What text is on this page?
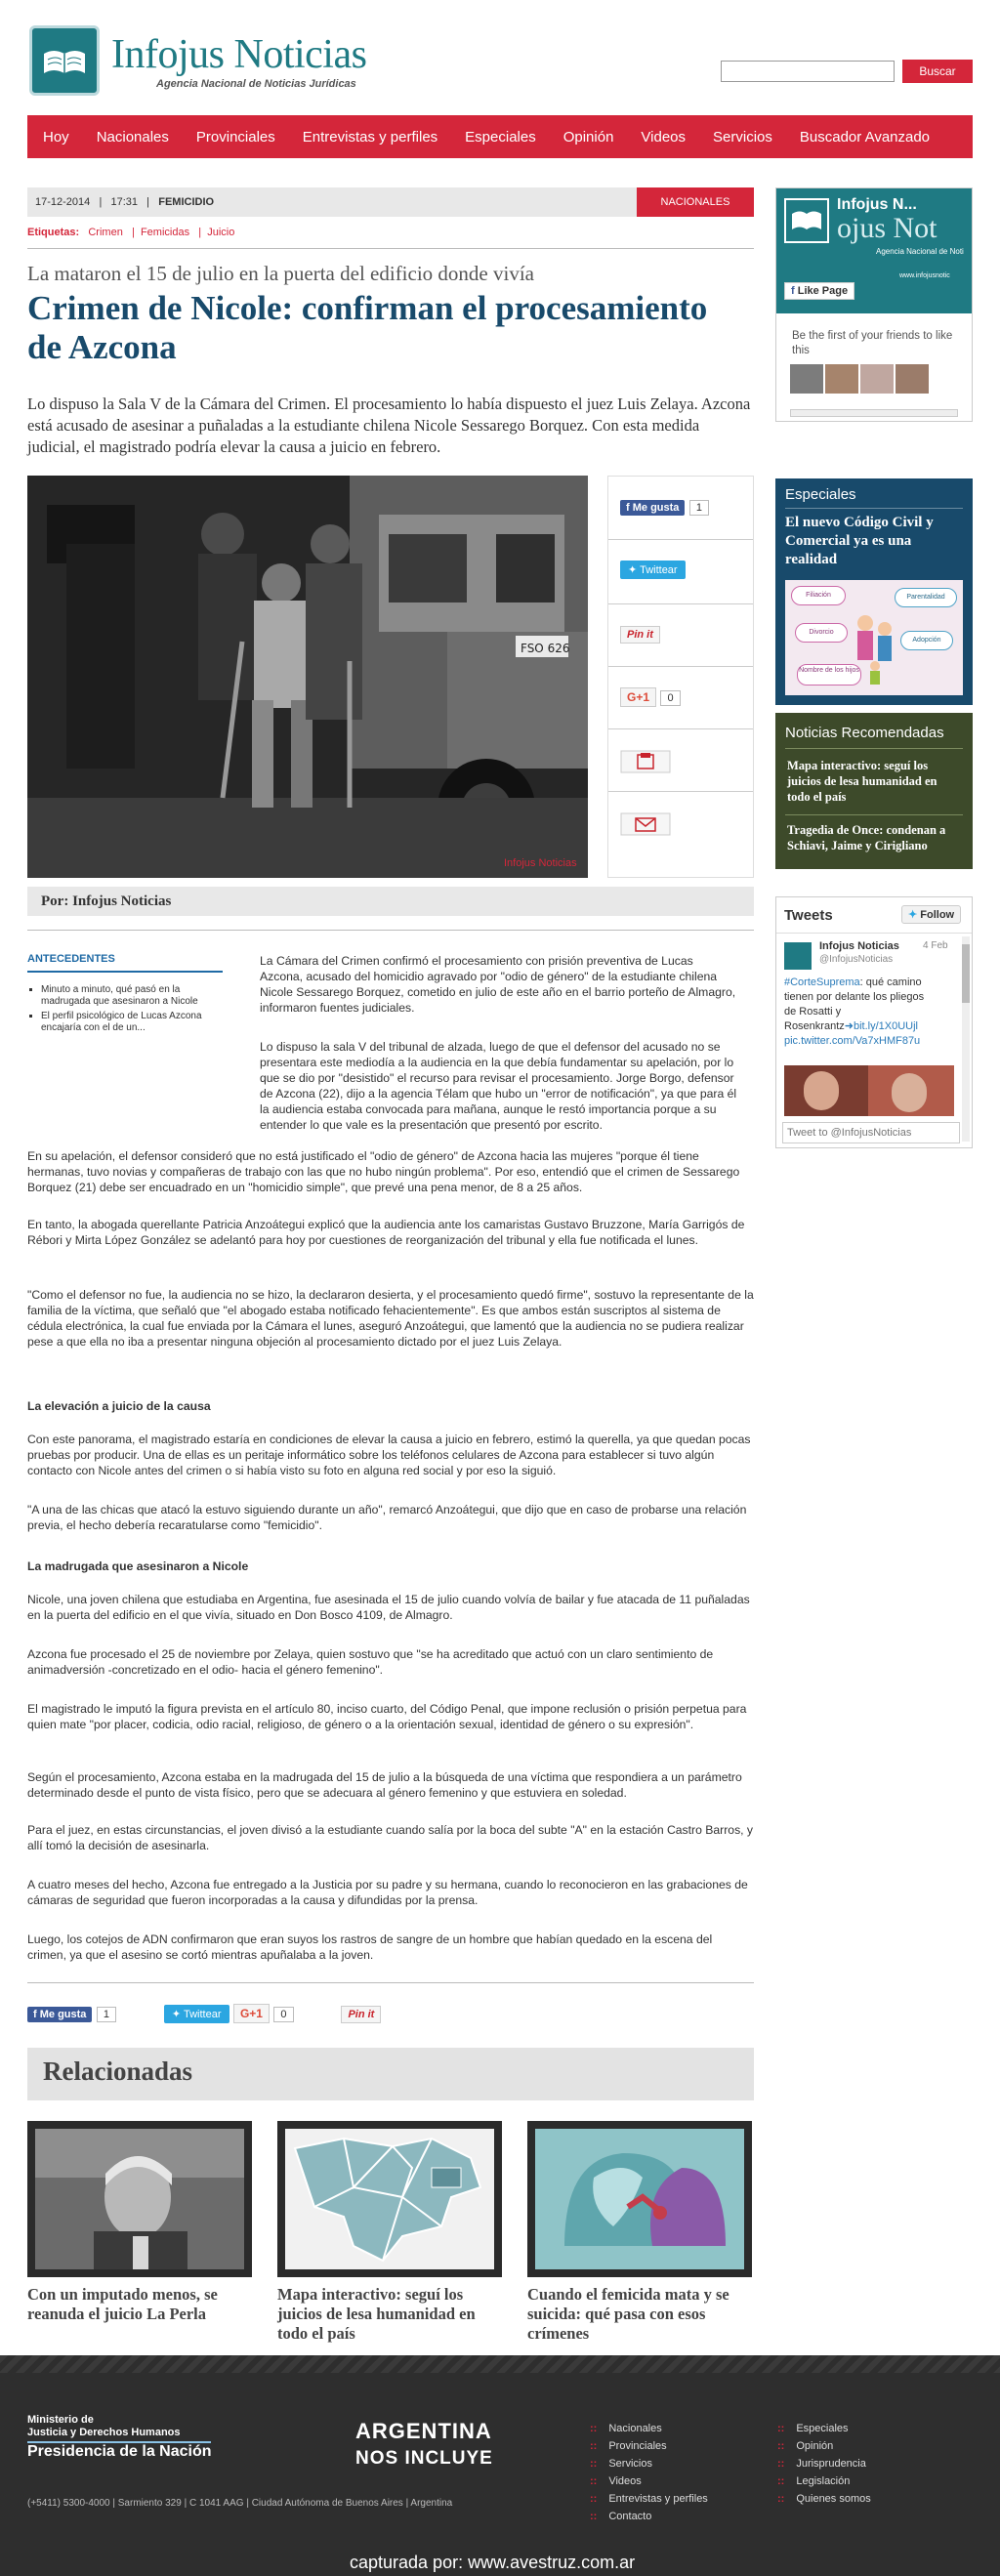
Infojus Noticias
Agencia Nacional de Noticias Jurídicas
Buscar
Hoy Nacionales Provinciales Entrevistas y perfiles Especiales Opinión Videos Servicios Buscador Avanzado
17-12-2014   |   17:31   |   FEMICIDIO	NACIONALES
Etiquetas: Crimen   |  Femicidas   |  Juicio
La mataron el 15 de julio en la puerta del edificio donde vivía
Crimen de Nicole: confirman el procesamiento de Azcona

Lo dispuso la Sala V de la Cámara del Crimen. El procesamiento lo había dispuesto el juez Luis Zelaya. Azcona está acusado de asesinar a puñaladas a la estudiante chilena Nicole Sessarego Borquez. Con esta medida judicial, el magistrado podría elevar la causa a juicio en febrero.

FSO 626
Infojus Noticias
f Me gusta 1
✦ Twittear
Pin it
G+1 0
Por: Infojus Noticias
ANTECEDENTES
▪ Minuto a minuto, qué pasó en la madrugada que asesinaron a Nicole
▪ El perfil psicológico de Lucas Azcona encajaría con el de un...

La Cámara del Crimen confirmó el procesamiento con prisión preventiva de Lucas Azcona, acusado del homicidio agravado por "odio de género" de la estudiante chilena Nicole Sessarego Borquez, cometido en julio de este año en el barrio porteño de Almagro, informaron fuentes judiciales.

Lo dispuso la sala V del tribunal de alzada, luego de que el defensor del acusado no se presentara este mediodía a la audiencia en la que debía fundamentar su apelación, por lo que se dio por "desistido" el recurso para revisar el procesamiento. Jorge Borgo, defensor de Azcona (22), dijo a la agencia Télam que hubo un "error de notificación", ya que para él la audiencia estaba convocada para mañana, aunque le restó importancia porque a su entender lo que vale es la presentación que presentó por escrito.

En su apelación, el defensor consideró que no está justificado el "odio de género" de Azcona hacia las mujeres "porque él tiene hermanas, tuvo novias y compañeras de trabajo con las que no hubo ningún problema". Por eso, entendió que el crimen de Sessarego Borquez (21) debe ser encuadrado en un "homicidio simple", que prevé una pena menor, de 8 a 25 años.

En tanto, la abogada querellante Patricia Anzoátegui explicó que la audiencia ante los camaristas Gustavo Bruzzone, María Garrigós de Rébori y Mirta López González se adelantó para hoy por cuestiones de reorganización del tribunal y ella fue notificada el lunes.

"Como el defensor no fue, la audiencia no se hizo, la declararon desierta, y el procesamiento quedó firme", sostuvo la representante de la familia de la víctima, que señaló que "el abogado estaba notificado fehacientemente". Es que ambos están suscriptos al sistema de cédula electrónica, la cual fue enviada por la Cámara el lunes, aseguró Anzoátegui, que lamentó que la audiencia no se pudiera realizar pese a que ella no iba a presentar ninguna objeción al procesamiento dictado por el juez Luis Zelaya.

La elevación a juicio de la causa

Con este panorama, el magistrado estaría en condiciones de elevar la causa a juicio en febrero, estimó la querella, ya que quedan pocas pruebas por producir. Una de ellas es un peritaje informático sobre los teléfonos celulares de Azcona para establecer si tuvo algún contacto con Nicole antes del crimen o si había visto su foto en alguna red social y por eso la siguió.

"A una de las chicas que atacó la estuvo siguiendo durante un año", remarcó Anzoátegui, que dijo que en caso de probarse una relación previa, el hecho debería recaratularse como "femicidio".

La madrugada que asesinaron a Nicole

Nicole, una joven chilena que estudiaba en Argentina, fue asesinada el 15 de julio cuando volvía de bailar y fue atacada de 11 puñaladas en la puerta del edificio en el que vivía, situado en Don Bosco 4109, de Almagro.

Azcona fue procesado el 25 de noviembre por Zelaya, quien sostuvo que "se ha acreditado que actuó con un claro sentimiento de animadversión -concretizado en el odio- hacia el género femenino".

El magistrado le imputó la figura prevista en el artículo 80, inciso cuarto, del Código Penal, que impone reclusión o prisión perpetua para quien mate "por placer, codicia, odio racial, religioso, de género o a la orientación sexual, identidad de género o su expresión".

Según el procesamiento, Azcona estaba en la madrugada del 15 de julio a la búsqueda de una víctima que respondiera a un parámetro determinado desde el punto de vista físico, pero que se adecuara al género femenino y que estuviera en soledad.

Para el juez, en estas circunstancias, el joven divisó a la estudiante cuando salía por la boca del subte "A" en la estación Castro Barros, y allí tomó la decisión de asesinarla.

A cuatro meses del hecho, Azcona fue entregado a la Justicia por su padre y su hermana, cuando lo reconocieron en las grabaciones de cámaras de seguridad que fueron incorporadas a la causa y difundidas por la prensa.

Luego, los cotejos de ADN confirmaron que eran suyos los rastros de sangre de un hombre que habían quedado en la escena del crimen, ya que el asesino se cortó mientras apuñalaba a la joven.

f Me gusta 1	✦ Twittear G+1 0	Pin it
Relacionadas
Con un imputado menos, se reanuda el juicio La Perla
Mapa interactivo: seguí los juicios de lesa humanidad en todo el país
Cuando el femicida mata y se suicida: qué pasa con esos crímenes
Infojus N...
ojus Not
Agencia Nacional de Noti
www.infojusnotic
f Like Page
Be the first of your friends to like this
Especiales
El nuevo Código Civil y Comercial ya es una realidad
Filiación	Parentalidad
Divorcio
Adopción
Nombre de los hijos
Noticias Recomendadas
Mapa interactivo: seguí los juicios de lesa humanidad en todo el país
Tragedia de Once: condenan a Schiavi, Jaime y Cirigliano
Tweets	✦ Follow
Infojus Noticias
@InfojusNoticias
4 Feb
#CorteSuprema: qué camino tienen por delante los pliegos de Rosatti y Rosenkrantz➜bit.ly/1X0UUjl pic.twitter.com/Va7xHMF87u
Tweet to @InfojusNoticias
Ministerio de
Justicia y Derechos Humanos
Presidencia de la Nación
ARGENTINA
NOS INCLUYE
(+5411) 5300-4000 | Sarmiento 329 | C 1041 AAG | Ciudad Autónoma de Buenos Aires | Argentina
:: Nacionales
:: Provinciales
:: Servicios
:: Videos
:: Entrevistas y perfiles
:: Contacto
:: Especiales
:: Opinión
:: Jurisprudencia
:: Legislación
:: Quienes somos
capturada por: www.avestruz.com.ar
